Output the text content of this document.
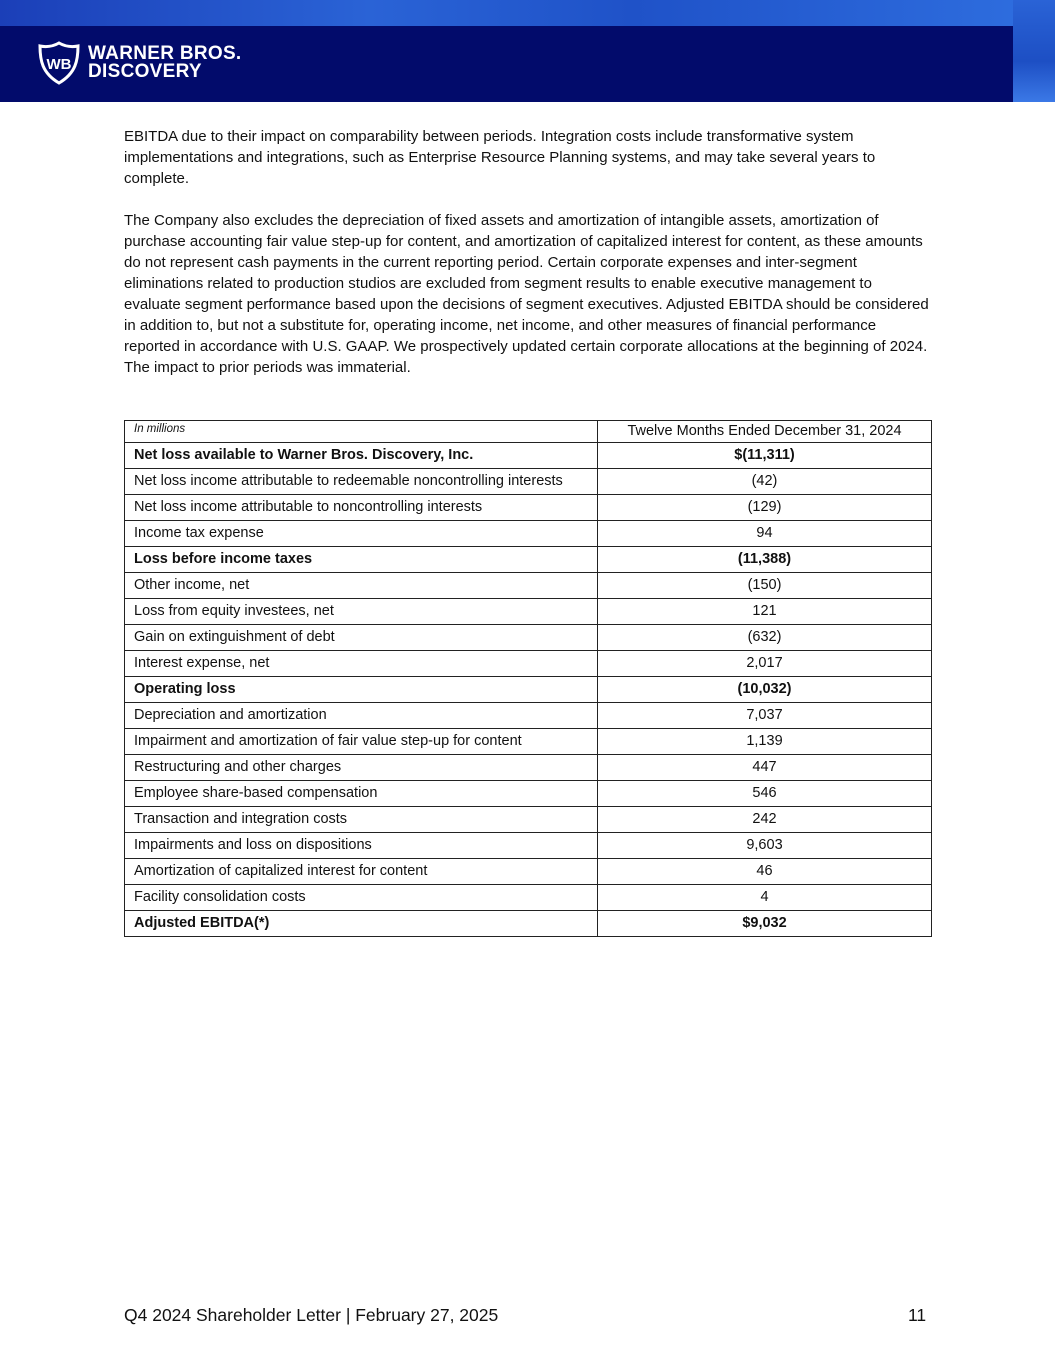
WB
WARNER BROS.
DISCOVERY

EBITDA due to their impact on comparability between periods. Integration costs include transformative system implementations and integrations, such as Enterprise Resource Planning systems, and may take several years to complete.

The Company also excludes the depreciation of fixed assets and amortization of intangible assets, amortization of purchase accounting fair value step-up for content, and amortization of capitalized interest for content, as these amounts do not represent cash payments in the current reporting period. Certain corporate expenses and inter-segment eliminations related to production studios are excluded from segment results to enable executive management to evaluate segment performance based upon the decisions of segment executives. Adjusted EBITDA should be considered in addition to, but not a substitute for, operating income, net income, and other measures of financial performance reported in accordance with U.S. GAAP. We prospectively updated certain corporate allocations at the beginning of 2024. The impact to prior periods was immaterial.

In millions	Twelve Months Ended December 31, 2024
Net loss available to Warner Bros. Discovery, Inc.	$(11,311)
Net loss income attributable to redeemable noncontrolling interests	(42)
Net loss income attributable to noncontrolling interests	(129)
Income tax expense	94
Loss before income taxes	(11,388)
Other income, net	(150)
Loss from equity investees, net	121
Gain on extinguishment of debt	(632)
Interest expense, net	2,017
Operating loss	(10,032)
Depreciation and amortization	7,037
Impairment and amortization of fair value step-up for content	1,139
Restructuring and other charges	447
Employee share-based compensation	546
Transaction and integration costs	242
Impairments and loss on dispositions	9,603
Amortization of capitalized interest for content	46
Facility consolidation costs	4
Adjusted EBITDA(*)	$9,032
Q4 2024 Shareholder Letter | February 27, 2025	11
